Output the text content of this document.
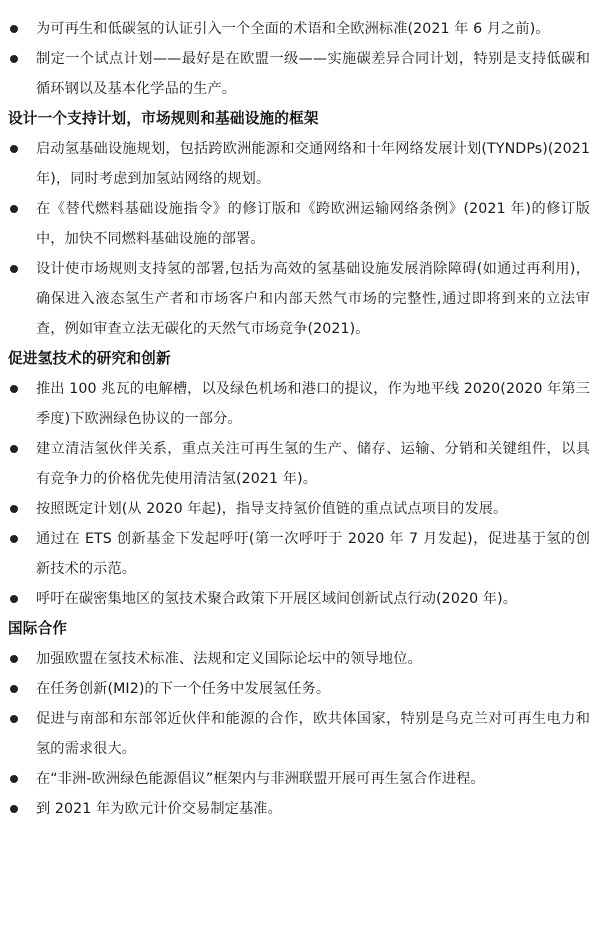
为可再生和低碳氢的认证引入一个全面的术语和全欧洲标准(2021 年 6 月之前)。

制定一个试点计划——最好是在欧盟一级——实施碳差异合同计划，特别是支持低碳和循环钢以及基本化学品的生产。

设计一个支持计划，市场规则和基础设施的框架

启动氢基础设施规划，包括跨欧洲能源和交通网络和十年网络发展计划(TYNDPs)(2021 年)，同时考虑到加氢站网络的规划。

在《替代燃料基础设施指令》的修订版和《跨欧洲运输网络条例》(2021 年)的修订版中，加快不同燃料基础设施的部署。

设计使市场规则支持氢的部署,包括为高效的氢基础设施发展消除障碍(如通过再利用)，确保进入液态氢生产者和市场客户和内部天然气市场的完整性,通过即将到来的立法审查，例如审查立法无碳化的天然气市场竞争(2021)。

促进氢技术的研究和创新

推出 100 兆瓦的电解槽，以及绿色机场和港口的提议，作为地平线 2020(2020 年第三季度)下欧洲绿色协议的一部分。

建立清洁氢伙伴关系，重点关注可再生氢的生产、储存、运输、分销和关键组件，以具有竞争力的价格优先使用清洁氢(2021 年)。

按照既定计划(从 2020 年起)，指导支持氢价值链的重点试点项目的发展。

通过在 ETS 创新基金下发起呼吁(第一次呼吁于 2020 年 7 月发起)，促进基于氢的创新技术的示范。

呼吁在碳密集地区的氢技术聚合政策下开展区域间创新试点行动(2020 年)。

国际合作

加强欧盟在氢技术标准、法规和定义国际论坛中的领导地位。

在任务创新(MI2)的下一个任务中发展氢任务。

促进与南部和东部邻近伙伴和能源的合作，欧共体国家，特别是乌克兰对可再生电力和氢的需求很大。

在“非洲-欧洲绿色能源倡议”框架内与非洲联盟开展可再生氢合作进程。

到 2021 年为欧元计价交易制定基准。
